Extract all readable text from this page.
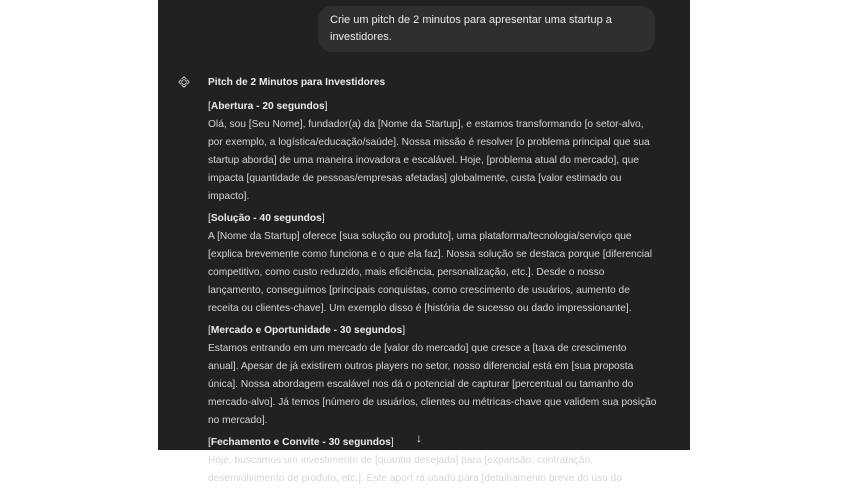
Crie um pitch de 2 minutos para apresentar uma startup a investidores.
Pitch de 2 Minutos para Investidores
[Abertura - 20 segundos]

Olá, sou [Seu Nome], fundador(a) da [Nome da Startup], e estamos transformando [o setor-alvo, por exemplo, a logística/educação/saúde]. Nossa missão é resolver [o problema principal que sua startup aborda] de uma maneira inovadora e escalável. Hoje, [problema atual do mercado], que impacta [quantidade de pessoas/empresas afetadas] globalmente, custa [valor estimado ou impacto].

[Solução - 40 segundos]

A [Nome da Startup] oferece [sua solução ou produto], uma plataforma/tecnologia/serviço que [explica brevemente como funciona e o que ela faz]. Nossa solução se destaca porque [diferencial competitivo, como custo reduzido, mais eficiência, personalização, etc.]. Desde o nosso lançamento, conseguimos [principais conquistas, como crescimento de usuários, aumento de receita ou clientes-chave]. Um exemplo disso é [história de sucesso ou dado impressionante].

[Mercado e Oportunidade - 30 segundos]

Estamos entrando em um mercado de [valor do mercado] que cresce a [taxa de crescimento anual]. Apesar de já existirem outros players no setor, nosso diferencial está em [sua proposta única]. Nossa abordagem escalável nos dá o potencial de capturar [percentual ou tamanho do mercado-alvo]. Já temos [número de usuários, clientes ou métricas-chave que validem sua posição no mercado].

[Fechamento e Convite - 30 segundos]

Hoje, buscamos um investimento de [quantia desejada] para [expansão, contratação, desenvolvimento de produto, etc.]. Este aport rá usado para [detalhamento breve do uso do

↓
